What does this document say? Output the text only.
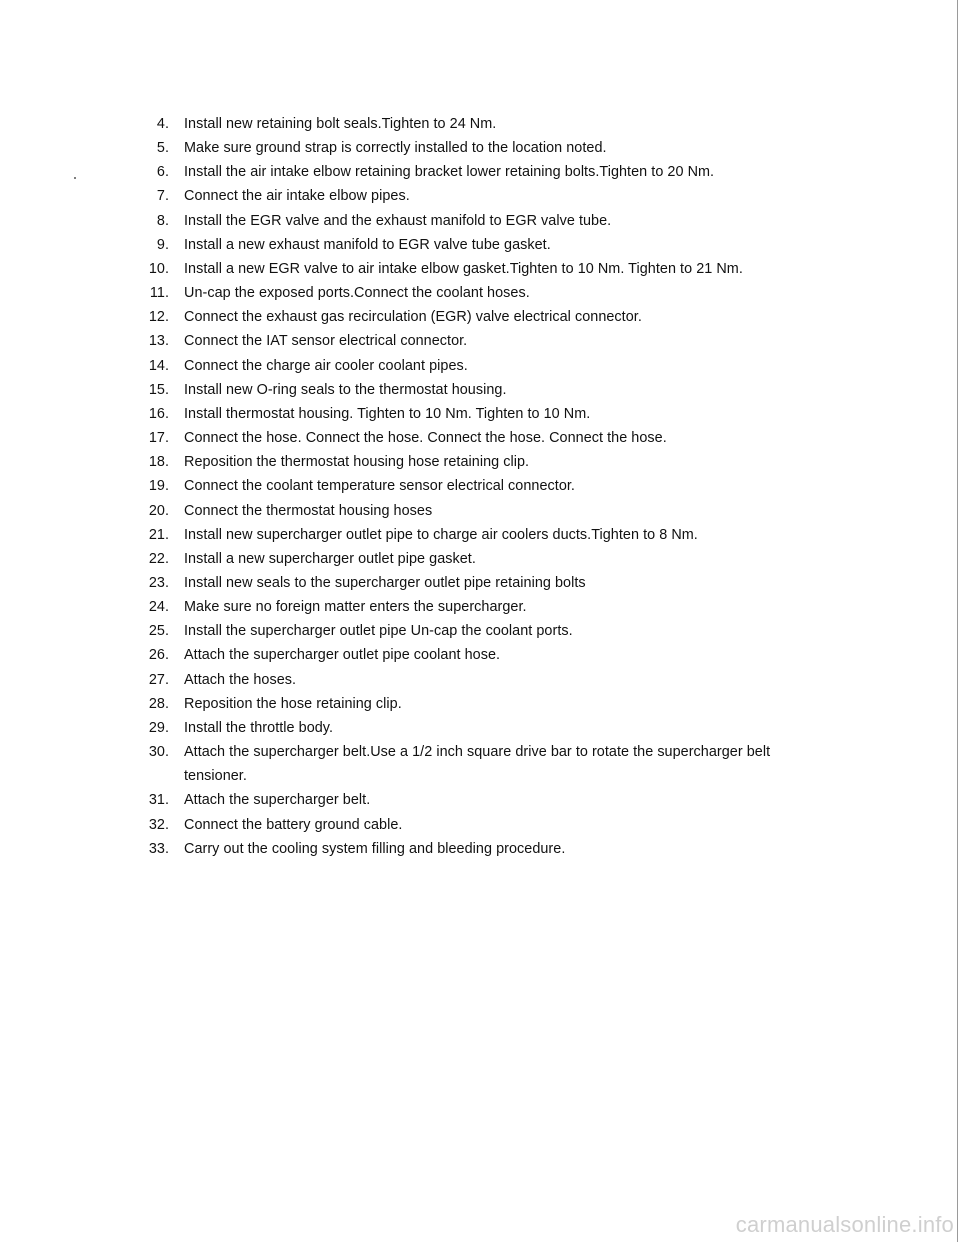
4.	Install new retaining bolt seals.Tighten to 24 Nm.
5.	Make sure ground strap is correctly installed to the location noted.
6.	Install the air intake elbow retaining bracket lower retaining bolts.Tighten to 20 Nm.
7.	Connect the air intake elbow pipes.
8.	Install the EGR valve and the exhaust manifold to EGR valve tube.
9.	Install a new exhaust manifold to EGR valve tube gasket.
10.	Install a new EGR valve to air intake elbow gasket.Tighten to 10 Nm. Tighten to 21 Nm.
11.	Un-cap the exposed ports.Connect the coolant hoses.
12.	Connect the exhaust gas recirculation (EGR) valve electrical connector.
13.	Connect the IAT sensor electrical connector.
14.	Connect the charge air cooler coolant pipes.
15.	Install new O-ring seals to the thermostat housing.
16.	Install thermostat housing. Tighten to 10 Nm. Tighten to 10 Nm.
17.	Connect the hose. Connect the hose. Connect the hose. Connect the hose.
18.	Reposition the thermostat housing hose retaining clip.
19.	Connect the coolant temperature sensor electrical connector.
20.	Connect the thermostat housing hoses
21.	Install new supercharger outlet pipe to charge air coolers ducts.Tighten to 8 Nm.
22.	Install a new supercharger outlet pipe gasket.
23.	Install new seals to the supercharger outlet pipe retaining bolts
24.	Make sure no foreign matter enters the supercharger.
25.	Install the supercharger outlet pipe Un-cap the coolant ports.
26.	Attach the supercharger outlet pipe coolant hose.
27.	Attach the hoses.
28.	Reposition the hose retaining clip.
29.	Install the throttle body.
30.	Attach the supercharger belt.Use a 1/2 inch square drive bar to rotate the supercharger belt tensioner.
31.	Attach the supercharger belt.
32.	Connect the battery ground cable.
33.	Carry out the cooling system filling and bleeding procedure.
carmanualsonline.info
